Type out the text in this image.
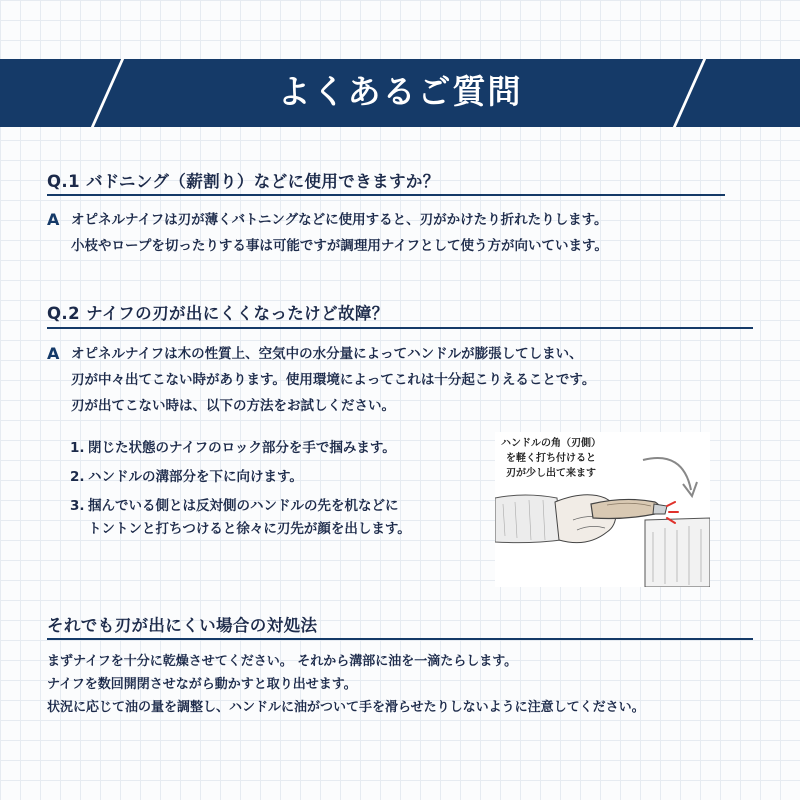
よくあるご質問
Q.1 バドニング（薪割り）などに使用できますか？
A オピネルナイフは刃が薄くバトニングなどに使用すると、刃がかけたり折れたりします。
小枝やロープを切ったりする事は可能ですが調理用ナイフとして使う方が向いています。
Q.2 ナイフの刃が出にくくなったけど故障？
A オピネルナイフは木の性質上、空気中の水分量によってハンドルが膨張してしまい、
刃が中々出てこない時があります。使用環境によってこれは十分起こりえることです。
刃が出てこない時は、以下の方法をお試しください。
1. 閉じた状態のナイフのロック部分を手で掴みます。
2. ハンドルの溝部分を下に向けます。
3. 掴んでいる側とは反対側のハンドルの先を机などに
トントンと打ちつけると徐々に刃先が顔を出します。
ハンドルの角（刃側）
を軽く打ち付けると
刃が少し出て来ます
それでも刃が出にくい場合の対処法
まずナイフを十分に乾燥させてください。 それから溝部に油を一滴たらします。
ナイフを数回開閉させながら動かすと取り出せます。
状況に応じて油の量を調整し、ハンドルに油がついて手を滑らせたりしないように注意してください。
